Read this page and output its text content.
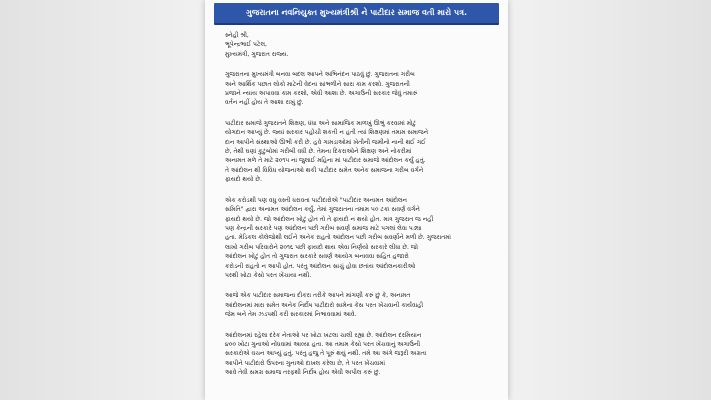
ગુજરાતના નવનિયુક્ત મુખ્યમંત્રીશ્રી ને પાટીદાર સમાજ વતી મારો પત્ર.
સ્નેહી શ્રી,
ભૂપેન્દ્રભાઈ પટેલ,
મુખ્યમંત્રી, ગુજરાત રાજ્ય.
ગુજરાતના મુખ્યમંત્રી બનવા બદલ આપને અભિનંદન પાઠવું છું. ગુજરાતના ગરીબ
અને આર્થિક પછાત લોકો માટેની વેદના સાંભળીને સારા કામ કરશો. ગુજરાતની
પ્રજાને ન્યાય અપાવવા કામ કરશો, એવી આશા છે. અગાઉની સરકાર જેવું તમારું
વર્તન નહીં હોય તે આશા રાખું છું.
પાટીદાર સમાજે ગુજરાતને શિક્ષણ, ધંધા અને સામાજિક માળખું ઊભું કરવામાં મોટું
યોગદાન આપ્યું છે. જ્યાં સરકાર પહોંચી શકતી ન હતી ત્યાં શિક્ષણમાં તમામ સમાજને
દાન આપીને સંસ્થાઓ ઊભી કરી છે. હવે ગામડાઓમાં ખેતીની જમીનો નાની થઈ ગઈ
છે, તેથી ઘણાં કુટુંબોમાં ગરીબી વધી છે. તેમના દિકરાઓને શિક્ષણ અને નોકરીમાં
અનામત મળે તે માટે ૨૦૧૫ ના જુલાઈ મહિના માં પાટીદાર સમાજે આંદોલન કર્યું હતું.
તે આંદોલન થી વિવિધ યોજનાઓ થકી પાટીદાર સમેત અનેક સમાજના ગરીબ વર્ગને
ફાયદો થયો છે.
એક કરોડથી પણ વધુ વસ્તી ધરાવતા પાટીદારોએ "પાટીદાર અનામત આંદોલન
સમિતિ" દ્વારા અનામત આંદોલન કર્યું, તેમાં ગુજરાતના તમામ ૫૦ ટકા સવર્ણ વર્ગને
ફાયદો થયો છે. જો આંદોલન ખોટું હોત તો તે ફાયદો ન થયો હોત. માત્ર ગુજરાત જ નહીં
પણ કેન્દ્રની સરકારે પણ આંદોલન પછી ગરીબ સવર્ણ સમાજ માટે પગલાં લેવા પડ્યા
હતા. મેડિકલ કોલેજોથી લઈને અનેક રાહતો આંદોલન પછી ગરીબ સવર્ણોને મળી છે. ગુજરાતમાં
લાખો ગરીબ પરિવારોને ૨૦૧૬ પછી ફાયદો થાય એવા નિર્ણયો સરકારે લીધા છે. જો
આંદોલન ખોટું હોત તો ગુજરાત સરકારે સવર્ણ આયોગ બનાવવા સહિત હજારો
કરોડની રાહતો ન આપી હોત. પરંતુ આંદોલન સાચું હોવા છતાંય આંદોલનકારીઓ
પરથી ખોટા કેસો પરત ખેંચાયા નથી.
આજે એક પાટીદાર સમાજના દીકરા તરીકે આપને માંગણી કરું છું કે, અનામત
આંદોલનમાં મારા સમેત અનેક નિર્દોષ પાટીદારો સામેના કેસ પરત ખેંચવાની કાર્યવાહી
જેમ બને તેમ ઝડપથી કરી સરકારમાં નિભાવવામાં આવે.
આંદોલનમાં રહેલા દરેક નેતાઓ પર ખોટા ખટલા ચાલી રહ્યા છે. આંદોલન દરમિયાન
૪૦૦ ખોટા ગુનાઓ નોંધવામાં આવ્યા હતા. આ તમામ કેસો પરત ખેંચવાનું અગાઉની
સરકારોએ વચન આપ્યું હતું. પરંતુ હજુ તે પૂરું થયું નથી. તમે આ અંગે જરૂરી અગ્રતા
આપીને પાટીદારો ઉપરના ગુનાઓ દાખલ કરેલા છે, તે પરત ખેંચવામાં
આવે તેવી સમગ્ર સમાજ તરફથી નિર્દોષ હોય એવી અપીલ કરું છું.
